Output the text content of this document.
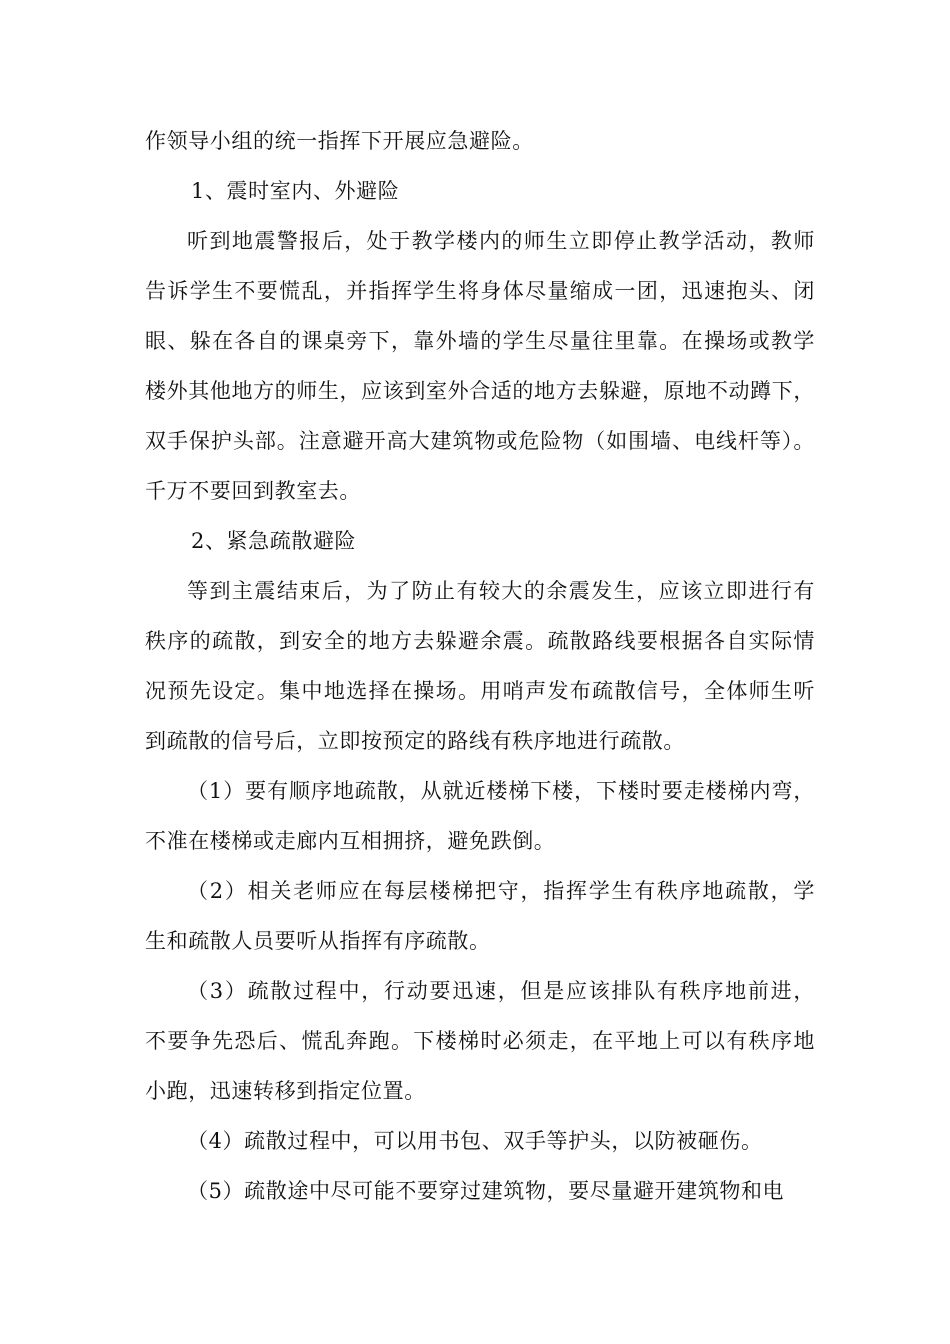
作领导小组的统一指挥下开展应急避险。
1、震时室内、外避险
听到地震警报后，处于教学楼内的师生立即停止教学活动，教师
告诉学生不要慌乱，并指挥学生将身体尽量缩成一团，迅速抱头、闭
眼、躲在各自的课桌旁下，靠外墙的学生尽量往里靠。在操场或教学
楼外其他地方的师生，应该到室外合适的地方去躲避，原地不动蹲下，
双手保护头部。注意避开高大建筑物或危险物（如围墙、电线杆等）。
千万不要回到教室去。
2、紧急疏散避险
等到主震结束后，为了防止有较大的余震发生，应该立即进行有
秩序的疏散，到安全的地方去躲避余震。疏散路线要根据各自实际情
况预先设定。集中地选择在操场。用哨声发布疏散信号，全体师生听
到疏散的信号后，立即按预定的路线有秩序地进行疏散。
（1）要有顺序地疏散，从就近楼梯下楼，下楼时要走楼梯内弯，
不准在楼梯或走廊内互相拥挤，避免跌倒。
（2）相关老师应在每层楼梯把守，指挥学生有秩序地疏散，学
生和疏散人员要听从指挥有序疏散。
（3）疏散过程中，行动要迅速，但是应该排队有秩序地前进，
不要争先恐后、慌乱奔跑。下楼梯时必须走，在平地上可以有秩序地
小跑，迅速转移到指定位置。
（4）疏散过程中，可以用书包、双手等护头，以防被砸伤。
（5）疏散途中尽可能不要穿过建筑物，要尽量避开建筑物和电
